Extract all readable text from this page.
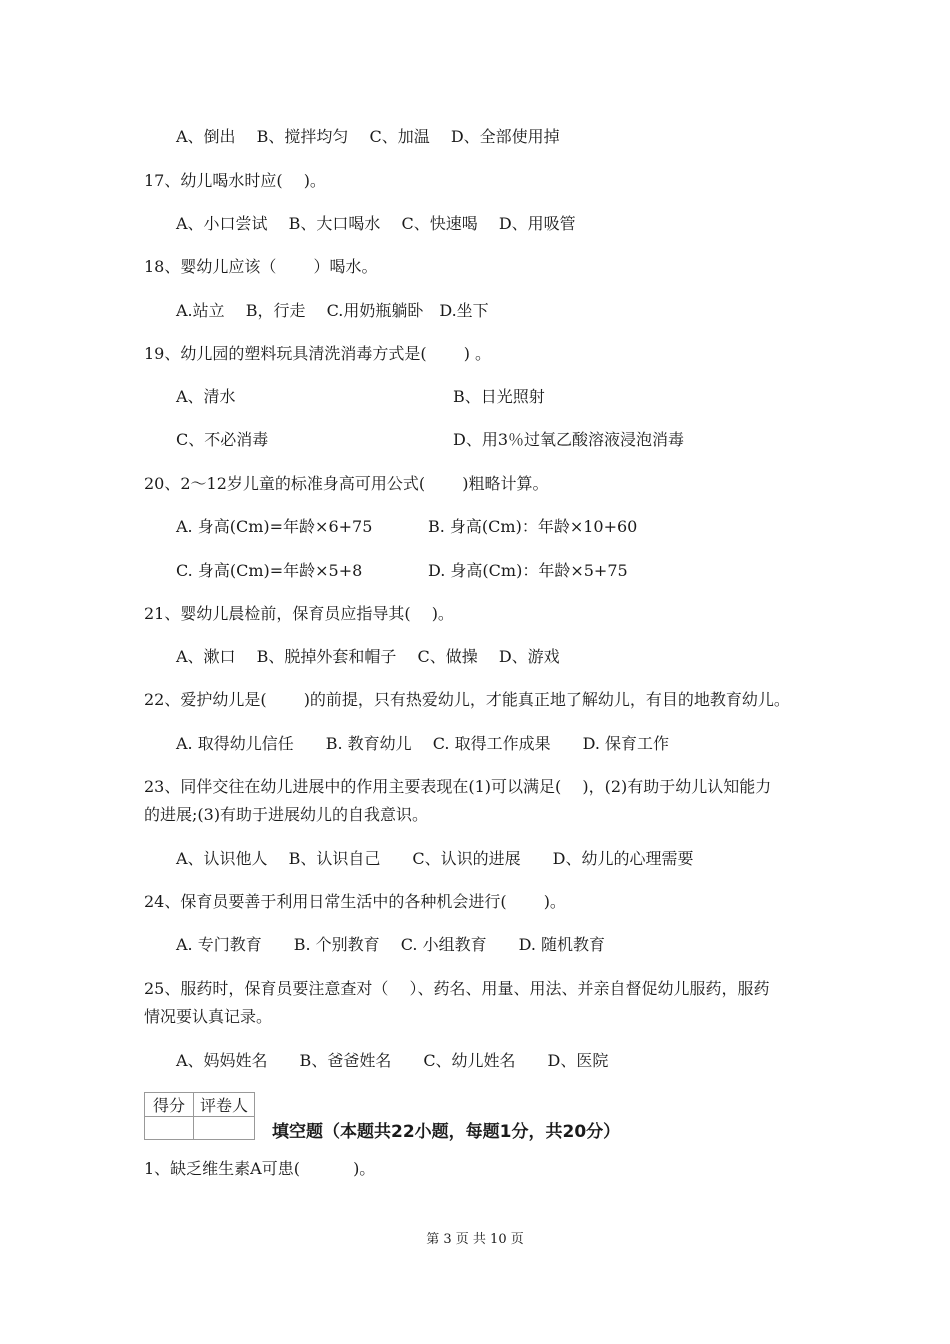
A、倒出　 B、搅拌均匀　 C、加温　 D、全部使用掉
17、幼儿喝水时应(　 )。
A、小口尝试　 B、大口喝水　 C、快速喝　 D、用吸管
18、婴幼儿应该（　　 ）喝水。
A.站立　 B，行走　 C.用奶瓶躺卧　D.坐下
19、幼儿园的塑料玩具清洗消毒方式是(　　 ) 。
A、清水	B、日光照射
C、不必消毒	D、用3％过氧乙酸溶液浸泡消毒
20、2～12岁儿童的标准身高可用公式(　　 )粗略计算。
A. 身高(Cm)=年龄×6+75	B. 身高(Cm)：年龄×10+60
C. 身高(Cm)=年龄×5+8	D. 身高(Cm)：年龄×5+75
21、婴幼儿晨检前，保育员应指导其(　 )。
A、漱口　 B、脱掉外套和帽子　 C、做操　 D、游戏
22、爱护幼儿是(　　 )的前提，只有热爱幼儿，才能真正地了解幼儿，有目的地教育幼儿。
A. 取得幼儿信任　　B. 教育幼儿　 C. 取得工作成果　　D. 保育工作
23、同伴交往在幼儿进展中的作用主要表现在(1)可以满足(　 )，(2)有助于幼儿认知能力
的进展;(3)有助于进展幼儿的自我意识。
A、认识他人　 B、认识自己　　C、认识的进展　　D、幼儿的心理需要
24、保育员要善于利用日常生活中的各种机会进行(　　 )。
A. 专门教育　　B. 个别教育　 C. 小组教育　　D. 随机教育
25、服药时，保育员要注意查对（　 ）、药名、用量、用法、并亲自督促幼儿服药，服药
情况要认真记录。
A、妈妈姓名　　B、爸爸姓名　　C、幼儿姓名　　D、医院
得分	评卷人

填空题（本题共22小题，每题1分，共20分）
1、缺乏维生素A可患(　　　 )。
第 3 页 共 10 页
